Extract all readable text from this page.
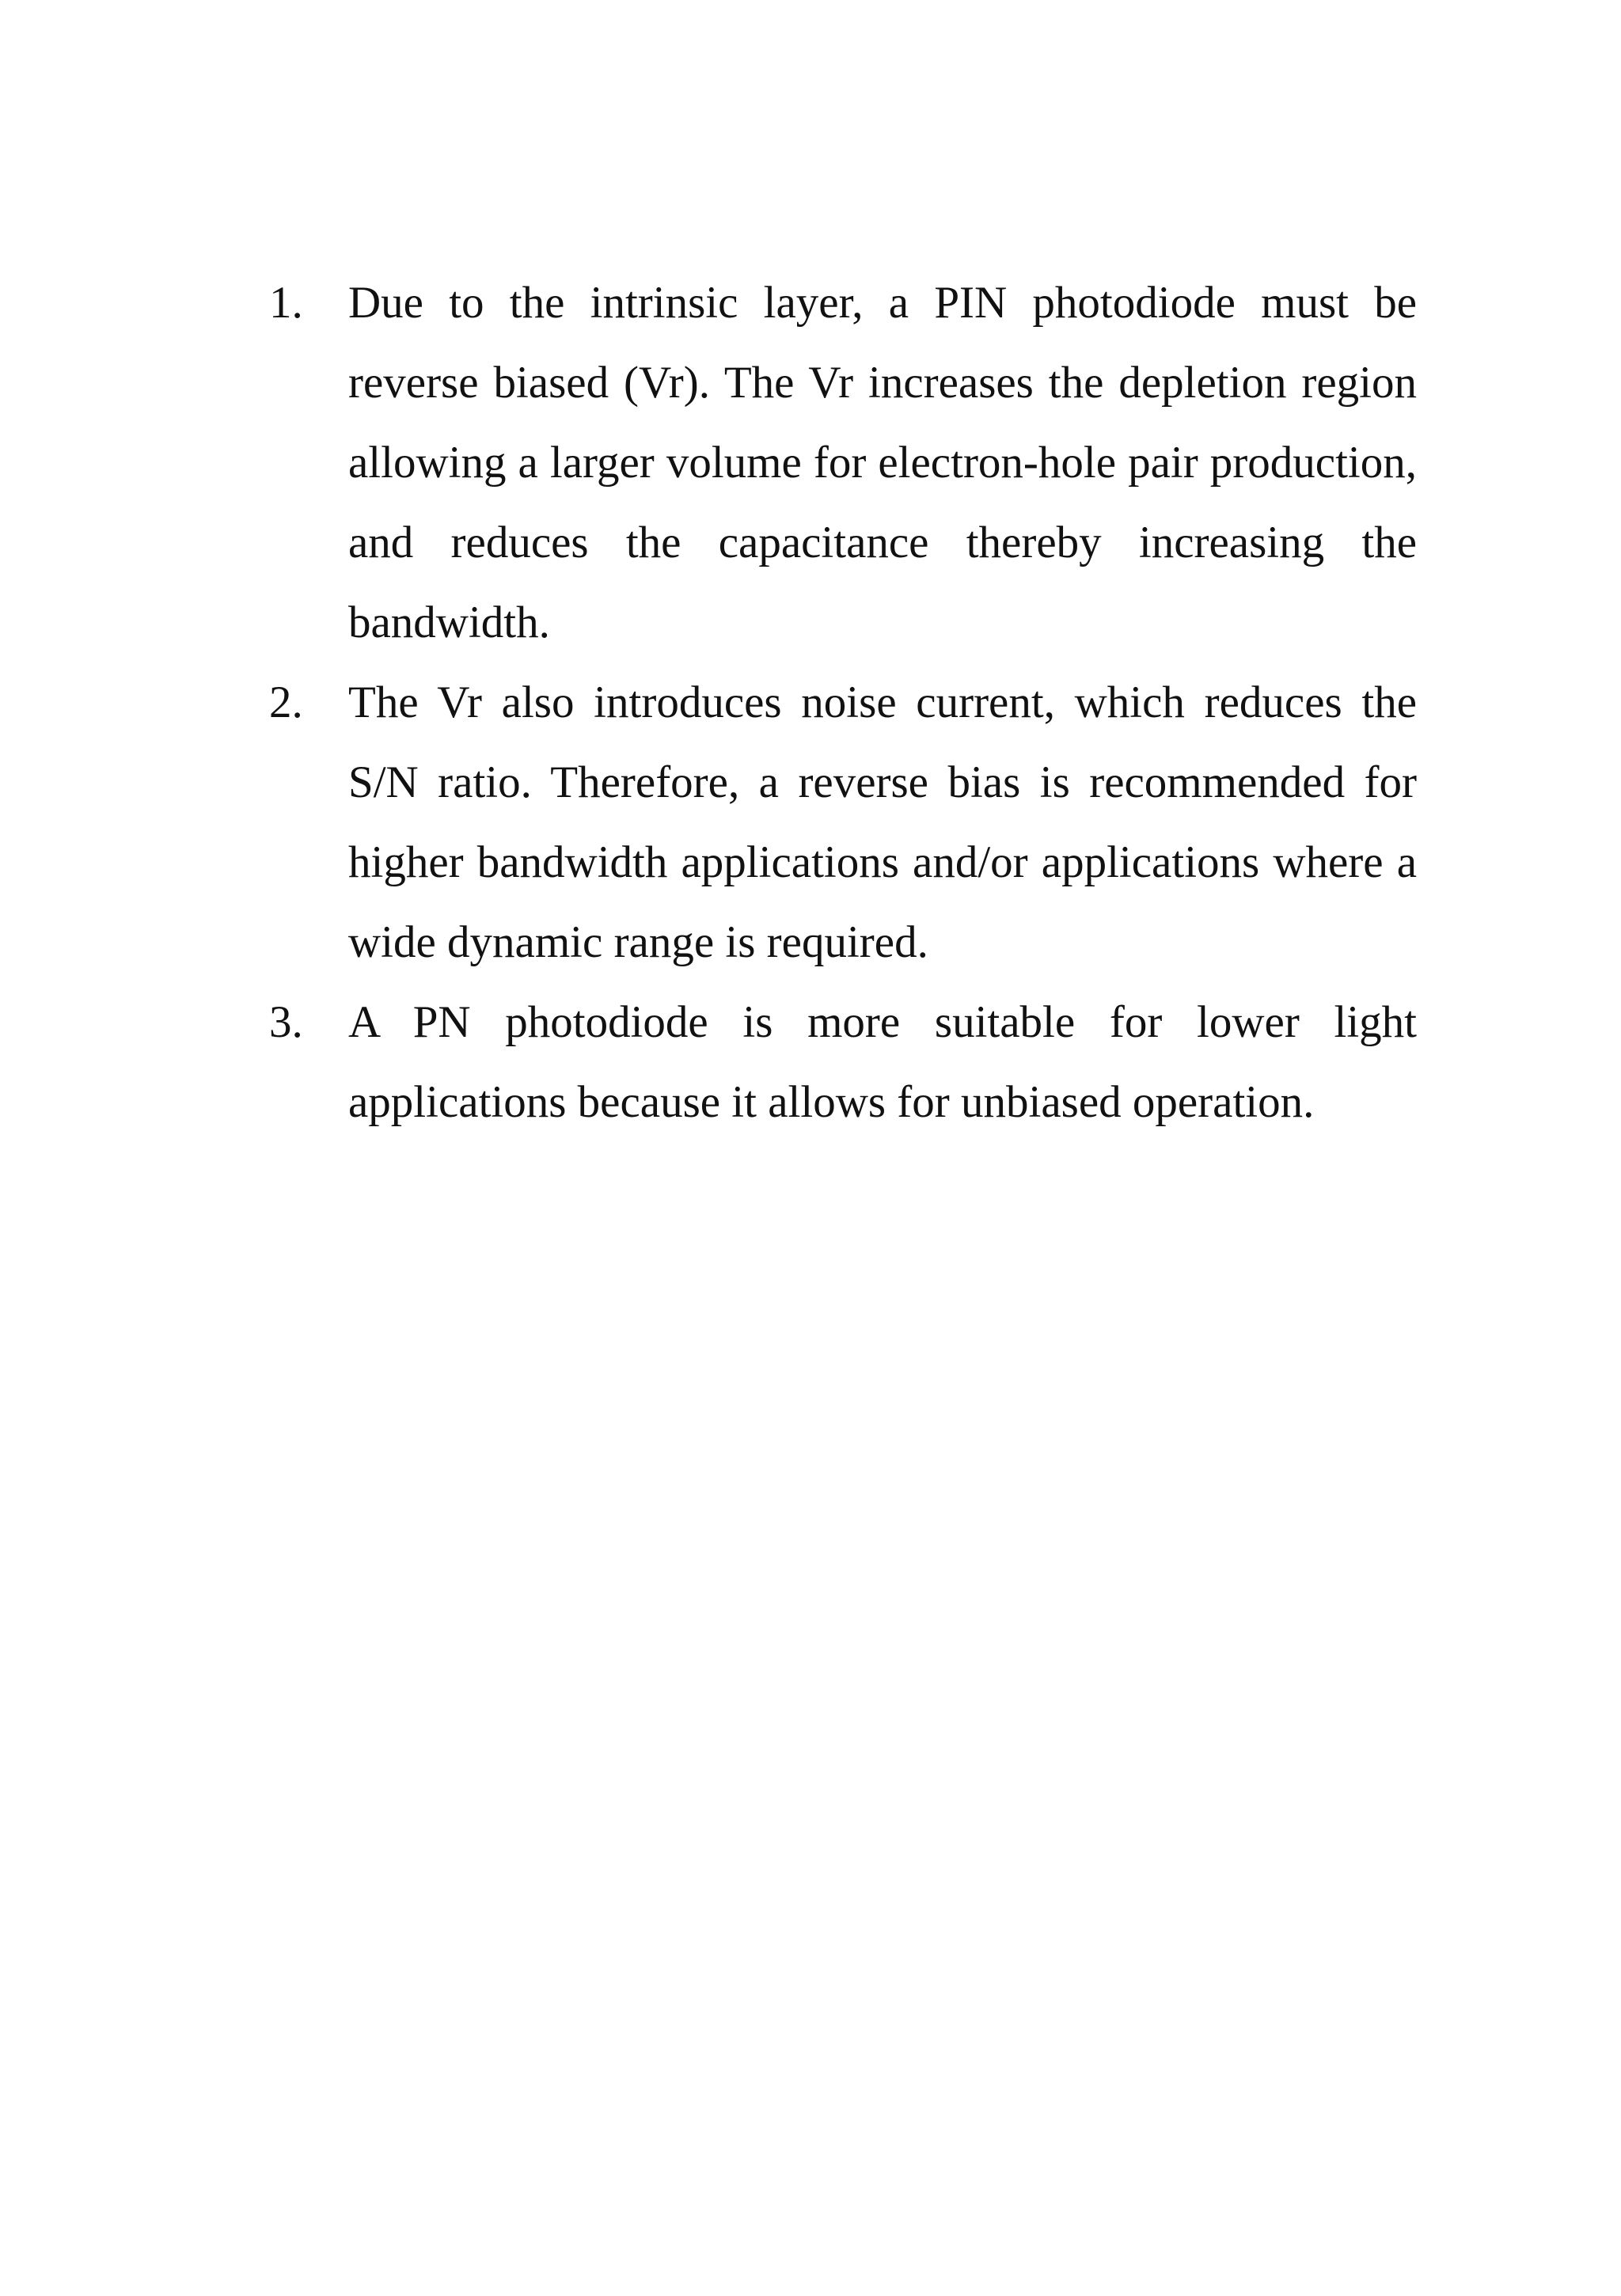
1.	Due to the intrinsic layer, a PIN photodiode must be reverse biased (Vr). The Vr increases the depletion region allowing a larger volume for electron-hole pair production, and reduces the capacitance thereby increasing the bandwidth.
2.	The Vr also introduces noise current, which reduces the S/N ratio. Therefore, a reverse bias is recommended for higher bandwidth applications and/or applications where a wide dynamic range is required.
3.	A PN photodiode is more suitable for lower light applications because it allows for unbiased operation.
